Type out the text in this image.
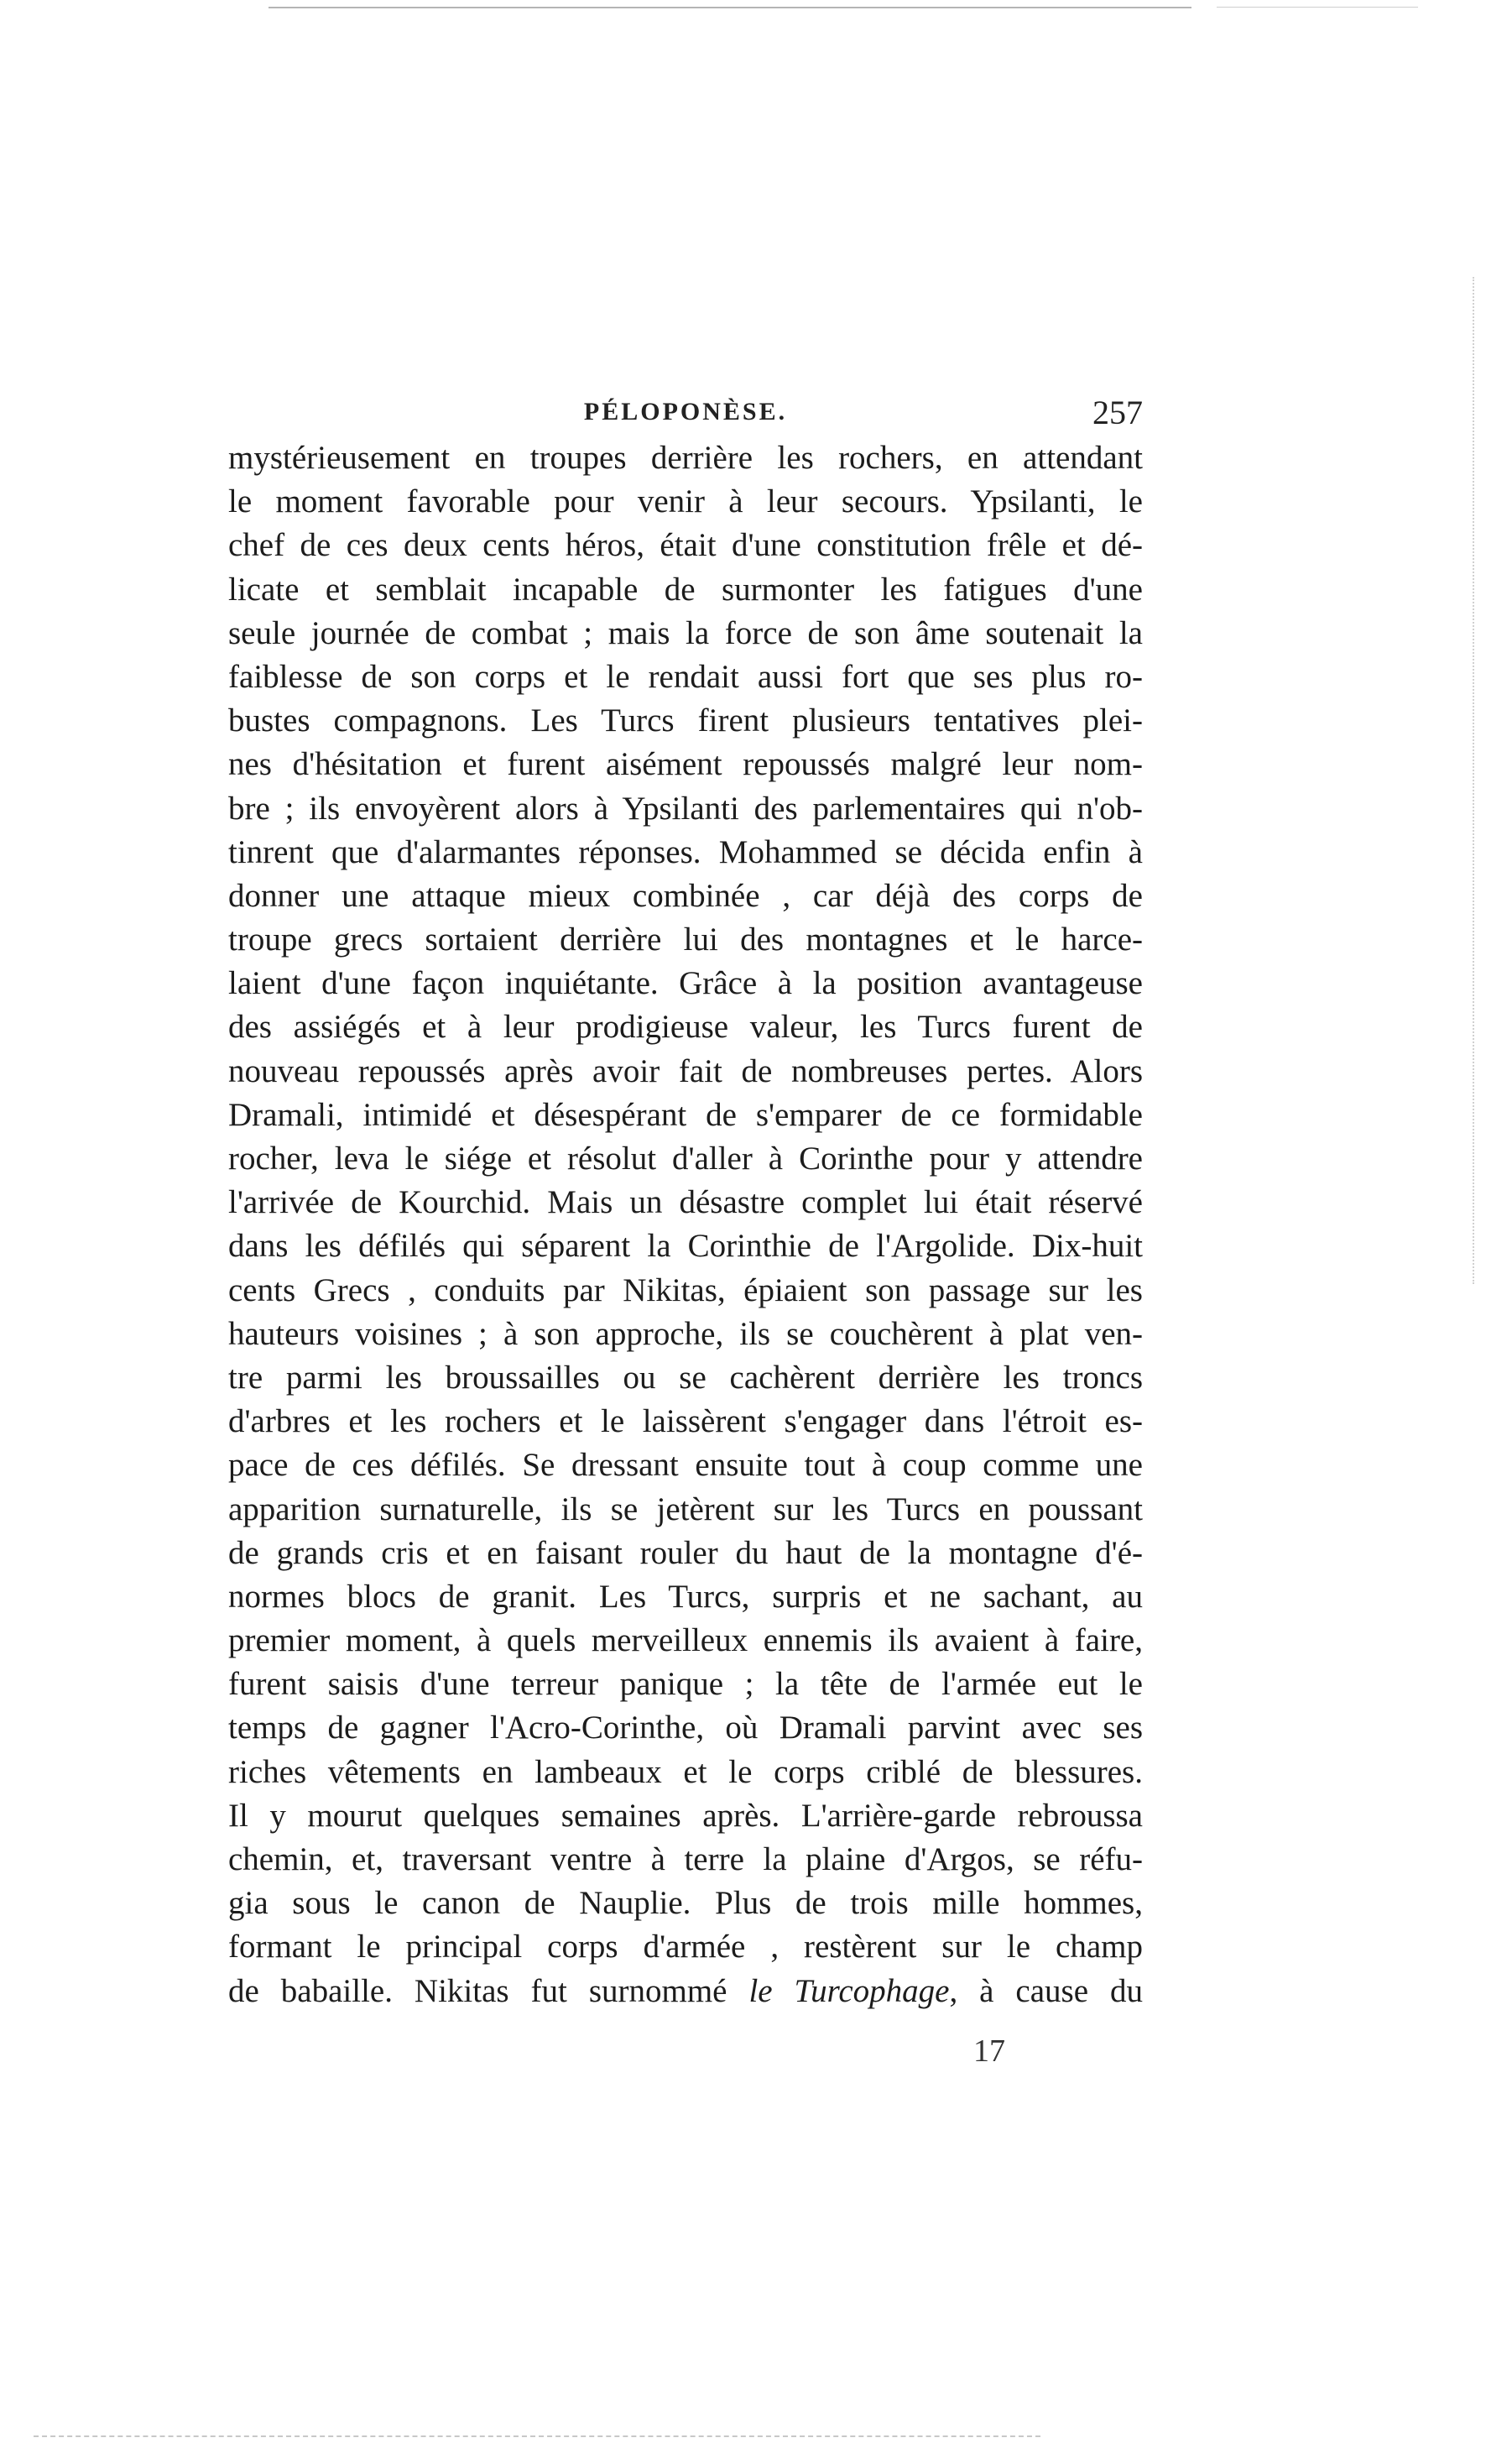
PÉLOPONÈSE.	257
mystérieusement en troupes derrière les rochers, en attendant
le moment favorable pour venir à leur secours. Ypsilanti, le
chef de ces deux cents héros, était d'une constitution frêle et dé-
licate et semblait incapable de surmonter les fatigues d'une
seule journée de combat ; mais la force de son âme soutenait la
faiblesse de son corps et le rendait aussi fort que ses plus ro-
bustes compagnons. Les Turcs firent plusieurs tentatives plei-
nes d'hésitation et furent aisément repoussés malgré leur nom-
bre ; ils envoyèrent alors à Ypsilanti des parlementaires qui n'ob-
tinrent que d'alarmantes réponses. Mohammed se décida enfin à
donner une attaque mieux combinée , car déjà des corps de
troupe grecs sortaient derrière lui des montagnes et le harce-
laient d'une façon inquiétante. Grâce à la position avantageuse
des assiégés et à leur prodigieuse valeur, les Turcs furent de
nouveau repoussés après avoir fait de nombreuses pertes. Alors
Dramali, intimidé et désespérant de s'emparer de ce formidable
rocher, leva le siége et résolut d'aller à Corinthe pour y attendre
l'arrivée de Kourchid. Mais un désastre complet lui était réservé
dans les défilés qui séparent la Corinthie de l'Argolide. Dix-huit
cents Grecs , conduits par Nikitas, épiaient son passage sur les
hauteurs voisines ; à son approche, ils se couchèrent à plat ven-
tre parmi les broussailles ou se cachèrent derrière les troncs
d'arbres et les rochers et le laissèrent s'engager dans l'étroit es-
pace de ces défilés. Se dressant ensuite tout à coup comme une
apparition surnaturelle, ils se jetèrent sur les Turcs en poussant
de grands cris et en faisant rouler du haut de la montagne d'é-
normes blocs de granit. Les Turcs, surpris et ne sachant, au
premier moment, à quels merveilleux ennemis ils avaient à faire,
furent saisis d'une terreur panique ; la tête de l'armée eut le
temps de gagner l'Acro-Corinthe, où Dramali parvint avec ses
riches vêtements en lambeaux et le corps criblé de blessures.
Il y mourut quelques semaines après. L'arrière-garde rebroussa
chemin, et, traversant ventre à terre la plaine d'Argos, se réfu-
gia sous le canon de Nauplie. Plus de trois mille hommes,
formant le principal corps d'armée , restèrent sur le champ
de babaille. Nikitas fut surnommé le Turcophage, à cause du
17
